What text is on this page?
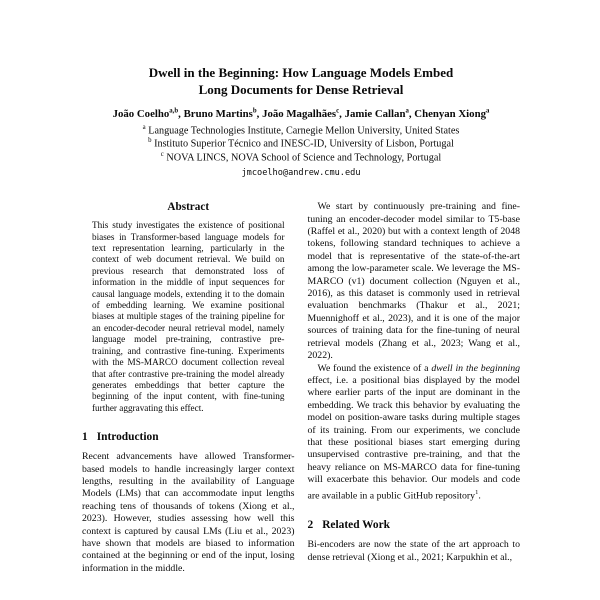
Dwell in the Beginning: How Language Models Embed
Long Documents for Dense Retrieval
João Coelho$^{a,b}$, Bruno Martins$^b$, João Magalhães$^c$, Jamie Callan$^a$, Chenyan Xiong$^a$
$^a$ Language Technologies Institute, Carnegie Mellon University, United States
$^b$ Instituto Superior Técnico and INESC-ID, University of Lisbon, Portugal
$^c$ NOVA LINCS, NOVA School of Science and Technology, Portugal
jmcoelho@andrew.cmu.edu
Abstract

This study investigates the existence of positional biases in Transformer-based language models for text representation learning, particularly in the context of web document retrieval. We build on previous research that demonstrated loss of information in the middle of input sequences for causal language models, extending it to the domain of embedding learning. We examine positional biases at multiple stages of the training pipeline for an encoder-decoder neural retrieval model, namely language model pre-training, contrastive pre-training, and contrastive fine-tuning. Experiments with the MS-MARCO document collection reveal that after contrastive pre-training the model already generates embeddings that better capture the beginning of the input content, with fine-tuning further aggravating this effect.

1 Introduction

Recent advancements have allowed Transformer-based models to handle increasingly larger context lengths, resulting in the availability of Language Models (LMs) that can accommodate input lengths reaching tens of thousands of tokens (Xiong et al., 2023). However, studies assessing how well this context is captured by causal LMs (Liu et al., 2023) have shown that models are biased to information contained at the beginning or end of the input, losing information in the middle.

We start by continuously pre-training and fine-tuning an encoder-decoder model similar to T5-base (Raffel et al., 2020) but with a context length of 2048 tokens, following standard techniques to achieve a model that is representative of the state-of-the-art among the low-parameter scale. We leverage the MS-MARCO (v1) document collection (Nguyen et al., 2016), as this dataset is commonly used in retrieval evaluation benchmarks (Thakur et al., 2021; Muennighoff et al., 2023), and it is one of the major sources of training data for the fine-tuning of neural retrieval models (Zhang et al., 2023; Wang et al., 2022).

We found the existence of a dwell in the beginning effect, i.e. a positional bias displayed by the model where earlier parts of the input are dominant in the embedding. We track this behavior by evaluating the model on position-aware tasks during multiple stages of its training. From our experiments, we conclude that these positional biases start emerging during unsupervised contrastive pre-training, and that the heavy reliance on MS-MARCO data for fine-tuning will exacerbate this behavior. Our models and code are available in a public GitHub repository$^1$.

2 Related Work

Bi-encoders are now the state of the art approach to dense retrieval (Xiong et al., 2021; Karpukhin et al.,
